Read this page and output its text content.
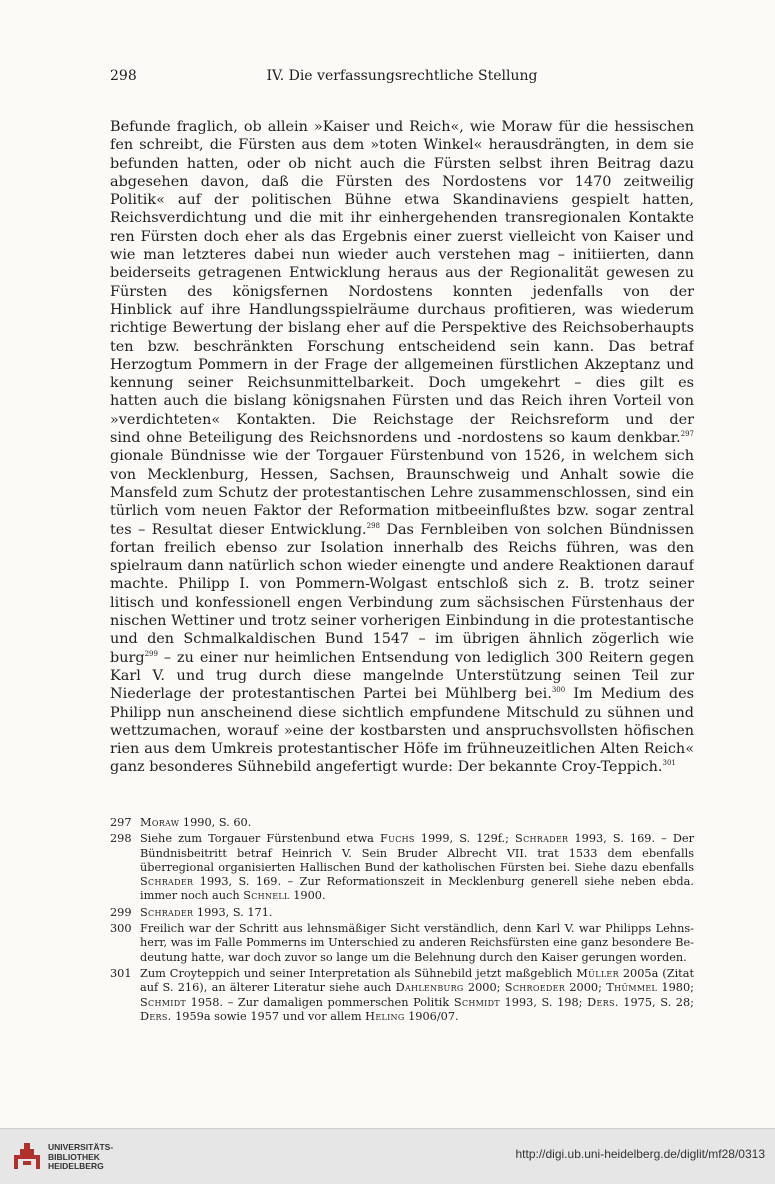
298	IV. Die verfassungsrechtliche Stellung
Befunde fraglich, ob allein »Kaiser und Reich«, wie Moraw für die hessischen
fen schreibt, die Fürsten aus dem »toten Winkel« herausdrängten, in dem sie
befunden hatten, oder ob nicht auch die Fürsten selbst ihren Beitrag dazu
abgesehen davon, daß die Fürsten des Nordostens vor 1470 zeitweilig
Politik« auf der politischen Bühne etwa Skandinaviens gespielt hatten,
Reichsverdichtung und die mit ihr einhergehenden transregionalen Kontakte
ren Fürsten doch eher als das Ergebnis einer zuerst vielleicht von Kaiser und
wie man letzteres dabei nun wieder auch verstehen mag – initiierten, dann
beiderseits getragenen Entwicklung heraus aus der Regionalität gewesen zu
Fürsten des königsfernen Nordostens konnten jedenfalls von der
Hinblick auf ihre Handlungsspielräume durchaus profitieren, was wiederum
richtige Bewertung der bislang eher auf die Perspektive des Reichsoberhaupts
ten bzw. beschränkten Forschung entscheidend sein kann. Das betraf
Herzogtum Pommern in der Frage der allgemeinen fürstlichen Akzeptanz und
kennung seiner Reichsunmittelbarkeit. Doch umgekehrt – dies gilt es
hatten auch die bislang königsnahen Fürsten und das Reich ihren Vorteil von
»verdichteten« Kontakten. Die Reichstage der Reichsreform und der
sind ohne Beteiligung des Reichsnordens und -nordostens so kaum denkbar.$^{297}$
gionale Bündnisse wie der Torgauer Fürstenbund von 1526, in welchem sich
von Mecklenburg, Hessen, Sachsen, Braunschweig und Anhalt sowie die
Mansfeld zum Schutz der protestantischen Lehre zusammenschlossen, sind ein
türlich vom neuen Faktor der Reformation mitbeeinflußtes bzw. sogar zentral
tes – Resultat dieser Entwicklung.$^{298}$ Das Fernbleiben von solchen Bündnissen
fortan freilich ebenso zur Isolation innerhalb des Reichs führen, was den
spielraum dann natürlich schon wieder einengte und andere Reaktionen darauf
machte. Philipp I. von Pommern-Wolgast entschloß sich z. B. trotz seiner
litisch und konfessionell engen Verbindung zum sächsischen Fürstenhaus der
nischen Wettiner und trotz seiner vorherigen Einbindung in die protestantische
und den Schmalkaldischen Bund 1547 – im übrigen ähnlich zögerlich wie
burg$^{299}$ – zu einer nur heimlichen Entsendung von lediglich 300 Reitern gegen
Karl V. und trug durch diese mangelnde Unterstützung seinen Teil zur
Niederlage der protestantischen Partei bei Mühlberg bei.$^{300}$ Im Medium des
Philipp nun anscheinend diese sichtlich empfundene Mitschuld zu sühnen und
wettzumachen, worauf »eine der kostbarsten und anspruchsvollsten höfischen
rien aus dem Umkreis protestantischer Höfe im frühneuzeitlichen Alten Reich«
ganz besonderes Sühnebild angefertigt wurde: Der bekannte Croy-Teppich.$^{301}$
297 Moraw 1990, S. 60.
298 Siehe zum Torgauer Fürstenbund etwa Fuchs 1999, S. 129f.; Schrader 1993, S. 169. – Der Bündnisbeitritt betraf Heinrich V. Sein Bruder Albrecht VII. trat 1533 dem ebenfalls überregional organisierten Hallischen Bund der katholischen Fürsten bei. Siehe dazu ebenfalls Schrader 1993, S. 169. – Zur Reformationszeit in Mecklenburg generell siehe neben ebda. immer noch auch Schnell 1900.
299 Schrader 1993, S. 171.
300 Freilich war der Schritt aus lehnsmäßiger Sicht verständlich, denn Karl V. war Philipps Lehnsherr, was im Falle Pommerns im Unterschied zu anderen Reichsfürsten eine ganz besondere Bedeutung hatte, war doch zuvor so lange um die Belehnung durch den Kaiser gerungen worden.
301 Zum Croyteppich und seiner Interpretation als Sühnebild jetzt maßgeblich Müller 2005a (Zitat auf S. 216), an älterer Literatur siehe auch Dahlenburg 2000; Schroeder 2000; Thümmel 1980; Schmidt 1958. – Zur damaligen pommerschen Politik Schmidt 1993, S. 198; Ders. 1975, S. 28; Ders. 1959a sowie 1957 und vor allem Heling 1906/07.
UNIVERSITÄTS-
BIBLIOTHEK
HEIDELBERG
http://digi.ub.uni-heidelberg.de/diglit/mf28/0313
